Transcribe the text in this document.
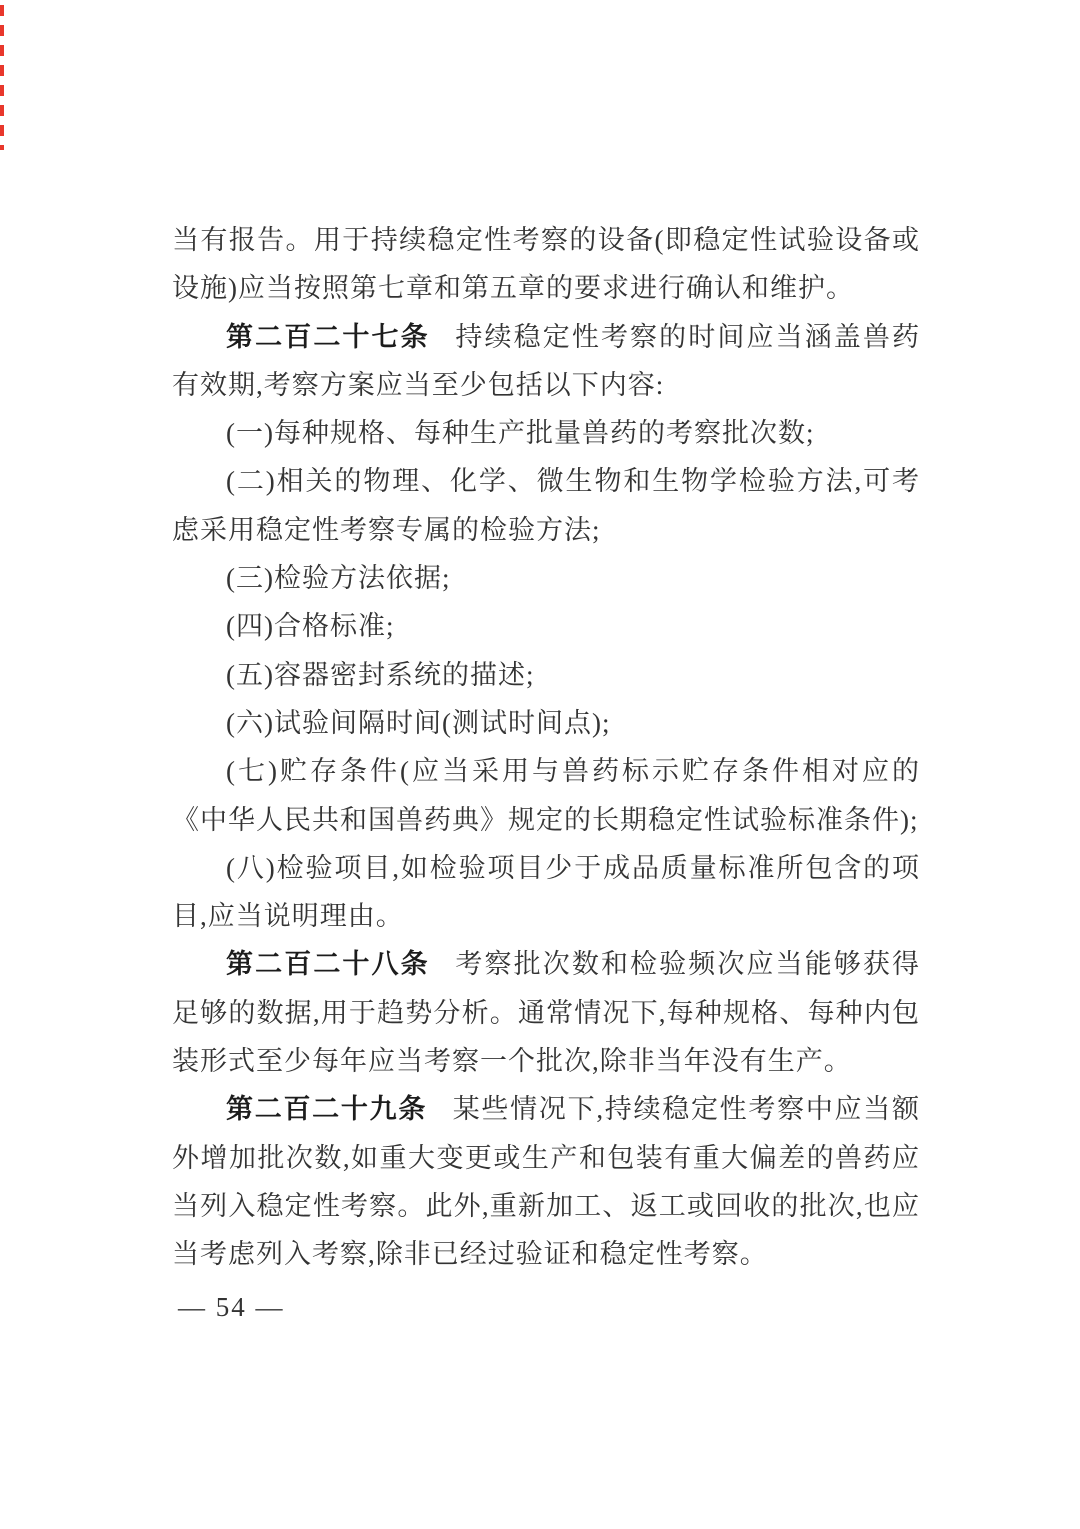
当有报告。用于持续稳定性考察的设备(即稳定性试验设备或设施)应当按照第七章和第五章的要求进行确认和维护。

第二百二十七条 持续稳定性考察的时间应当涵盖兽药有效期,考察方案应当至少包括以下内容:

(一)每种规格、每种生产批量兽药的考察批次数;

(二)相关的物理、化学、微生物和生物学检验方法,可考虑采用稳定性考察专属的检验方法;

(三)检验方法依据;

(四)合格标准;

(五)容器密封系统的描述;

(六)试验间隔时间(测试时间点);

(七)贮存条件(应当采用与兽药标示贮存条件相对应的《中华人民共和国兽药典》规定的长期稳定性试验标准条件);

(八)检验项目,如检验项目少于成品质量标准所包含的项目,应当说明理由。

第二百二十八条 考察批次数和检验频次应当能够获得足够的数据,用于趋势分析。通常情况下,每种规格、每种内包装形式至少每年应当考察一个批次,除非当年没有生产。

第二百二十九条 某些情况下,持续稳定性考察中应当额外增加批次数,如重大变更或生产和包装有重大偏差的兽药应当列入稳定性考察。此外,重新加工、返工或回收的批次,也应当考虑列入考察,除非已经过验证和稳定性考察。

— 54 —
